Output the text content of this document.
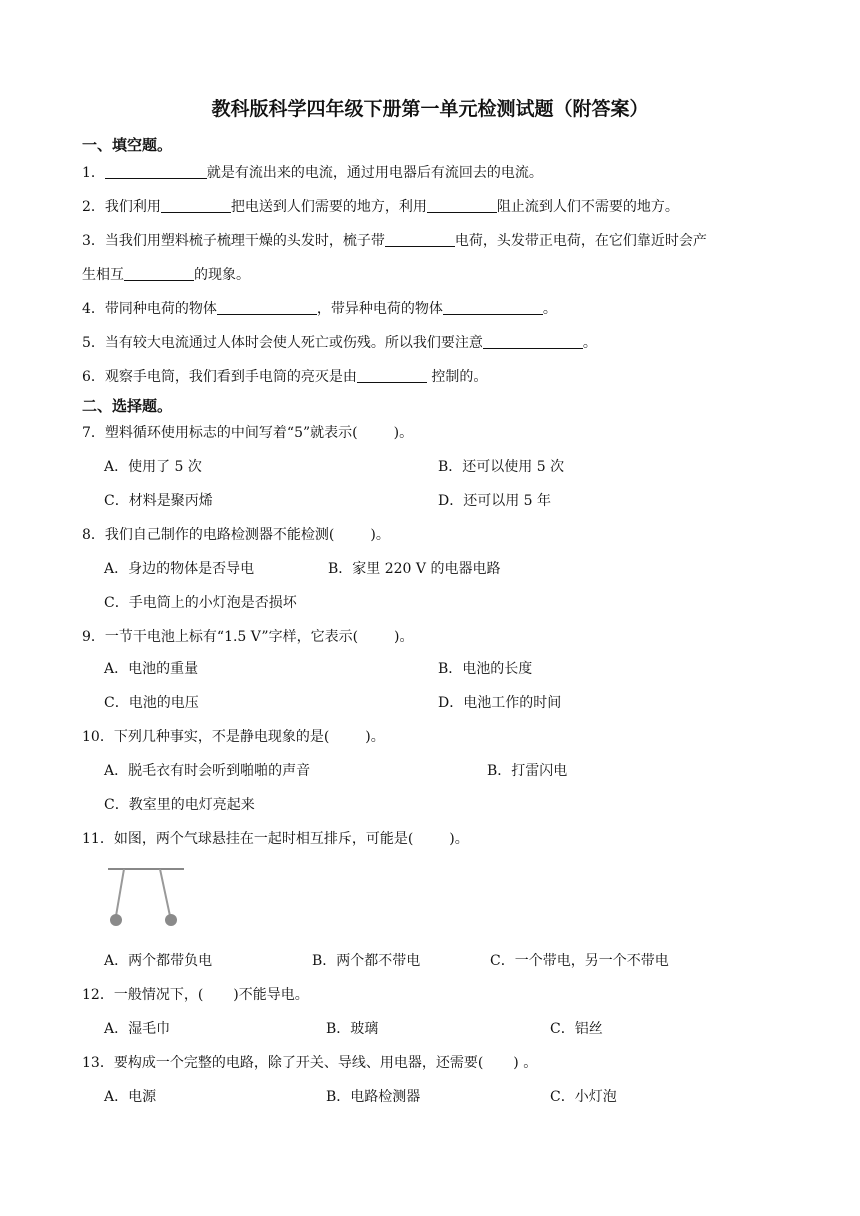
教科版科学四年级下册第一单元检测试题（附答案）
一、填空题。
1．	就是有流出来的电流，通过用电器后有流回去的电流。
2．我们利用	把电送到人们需要的地方，利用	阻止流到人们不需要的地方。
3．当我们用塑料梳子梳理干燥的头发时，梳子带	电荷，头发带正电荷，在它们靠近时会产
生相互	的现象。
4．带同种电荷的物体	，带异种电荷的物体	。
5．当有较大电流通过人体时会使人死亡或伤残。所以我们要注意	。
6．观察手电筒，我们看到手电筒的亮灭是由	控制的。
二、选择题。
7．塑料循环使用标志的中间写着“5”就表示(	)。
A．使用了 5 次	B．还可以使用 5 次
C．材料是聚丙烯	D．还可以用 5 年
8．我们自己制作的电路检测器不能检测(	)。
A．身边的物体是否导电	B．家里 220 V 的电器电路
C．手电筒上的小灯泡是否损坏
9．一节干电池上标有“1.5 V”字样，它表示(	)。
A．电池的重量	B．电池的长度
C．电池的电压	D．电池工作的时间
10．下列几种事实，不是静电现象的是(	)。
A．脱毛衣有时会听到啪啪的声音	B．打雷闪电
C．教室里的电灯亮起来
11．如图，两个气球悬挂在一起时相互排斥，可能是(	)。
A．两个都带负电	B．两个都不带电	C．一个带电，另一个不带电
12．一般情况下，( )不能导电。
A．湿毛巾	B．玻璃	C．铝丝
13．要构成一个完整的电路，除了开关、导线、用电器，还需要( ) 。
A．电源	B．电路检测器	C．小灯泡
